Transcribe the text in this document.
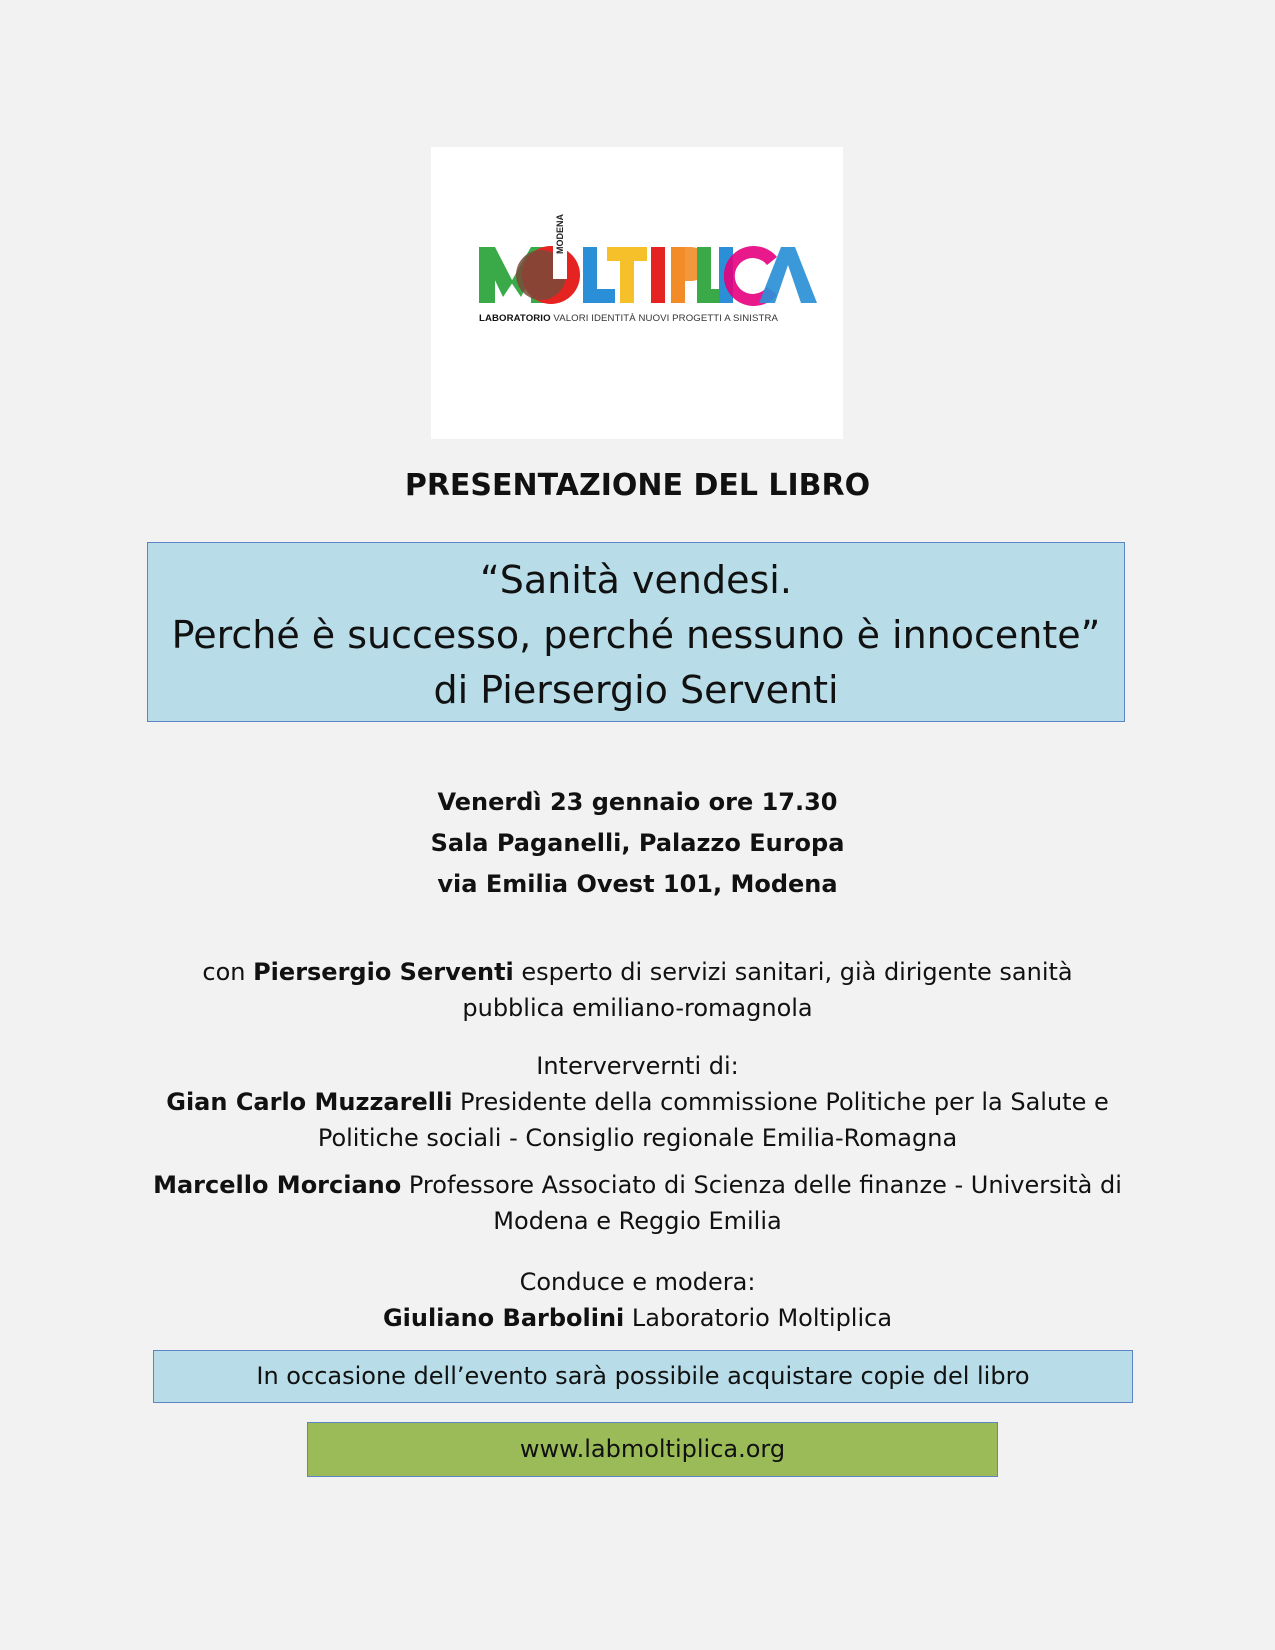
MODENA
LABORATORIO VALORI IDENTITÀ NUOVI PROGETTI A SINISTRA
PRESENTAZIONE DEL LIBRO
“Sanità vendesi.
Perché è successo, perché nessuno è innocente”
di Piersergio Serventi
Venerdì 23 gennaio ore 17.30
Sala Paganelli, Palazzo Europa
via Emilia Ovest 101, Modena
con Piersergio Serventi esperto di servizi sanitari, già dirigente sanità pubblica emiliano-romagnola
Interververnti di:
Gian Carlo Muzzarelli Presidente della commissione Politiche per la Salute e Politiche sociali - Consiglio regionale Emilia-Romagna
Marcello Morciano Professore Associato di Scienza delle finanze - Università di Modena e Reggio Emilia
Conduce e modera:
Giuliano Barbolini Laboratorio Moltiplica
In occasione dell’evento sarà possibile acquistare copie del libro
www.labmoltiplica.org
